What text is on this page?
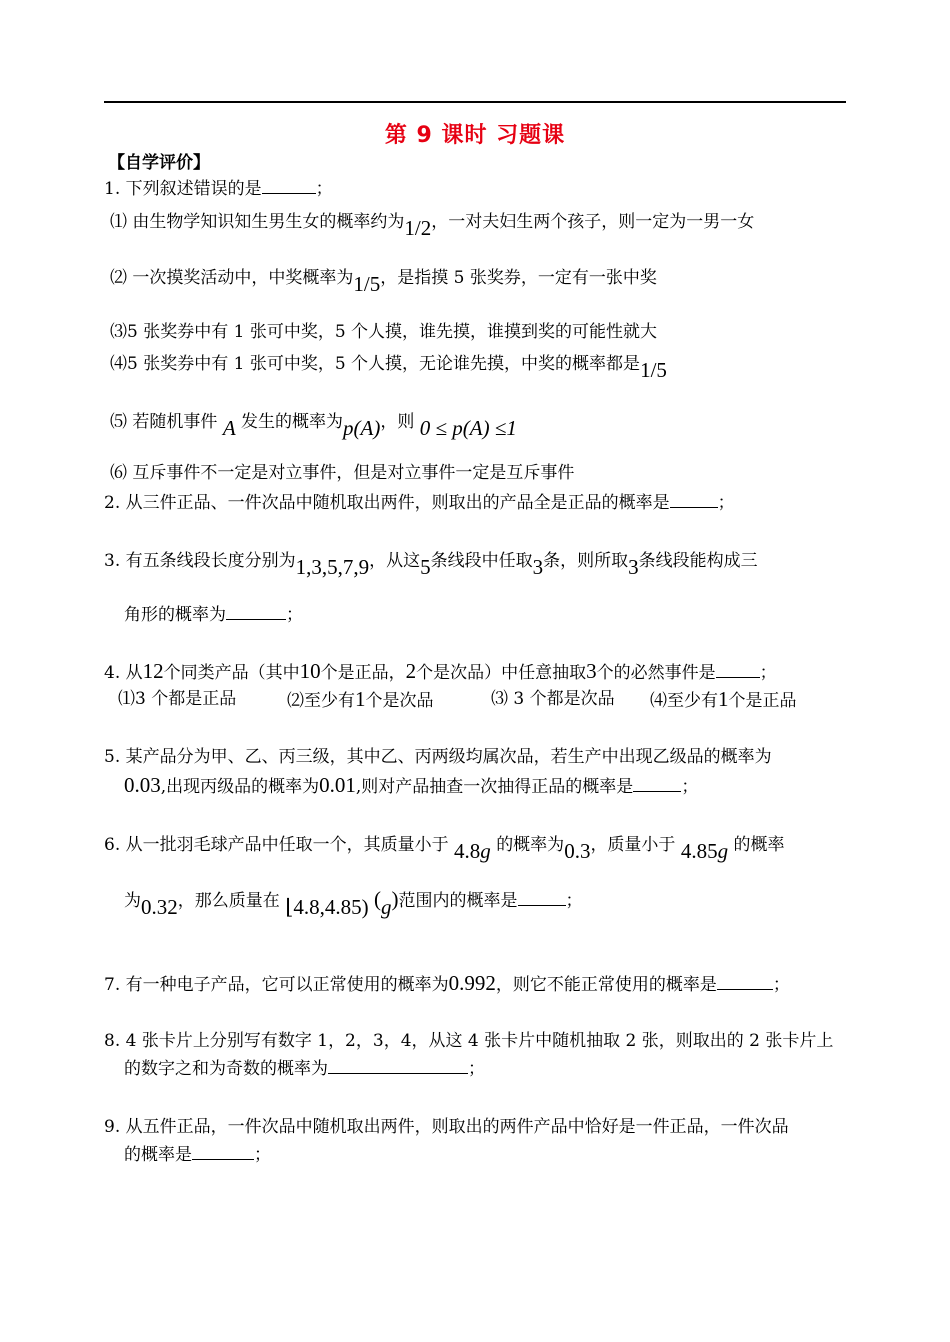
第 9 课时 习题课
【自学评价】
1. 下列叙述错误的是	；
⑴ 由生物学知识知生男生女的概率约为1/2，一对夫妇生两个孩子，则一定为一男一女
⑵ 一次摸奖活动中，中奖概率为1/5，是指摸 5 张奖券，一定有一张中奖
⑶5 张奖券中有 1 张可中奖，5 个人摸，谁先摸，谁摸到奖的可能性就大
⑷5 张奖券中有 1 张可中奖，5 个人摸，无论谁先摸，中奖的概率都是1/5
⑸ 若随机事件 A 发生的概率为p(A)，则 0 ≤ p(A) ≤1
⑹ 互斥事件不一定是对立事件，但是对立事件一定是互斥事件
2. 从三件正品、一件次品中随机取出两件，则取出的产品全是正品的概率是	；
3. 有五条线段长度分别为1,3,5,7,9，从这5条线段中任取3条，则所取3条线段能构成三
角形的概率为	；
4. 从12个同类产品（其中10个是正品，2个是次品）中任意抽取3个的必然事件是	；
⑴3 个都是正品	⑵至少有1个是次品	⑶ 3 个都是次品 ⑷至少有1个是正品
5. 某产品分为甲、乙、丙三级，其中乙、丙两级均属次品，若生产中出现乙级品的概率为
0.03,出现丙级品的概率为0.01,则对产品抽查一次抽得正品的概率是	；
6. 从一批羽毛球产品中任取一个，其质量小于 4.8g 的概率为0.3，质量小于 4.85g 的概率
为0.32，那么质量在 ⌊4.8,4.85) (g)范围内的概率是	；
7. 有一种电子产品，它可以正常使用的概率为0.992，则它不能正常使用的概率是	；
8. 4 张卡片上分别写有数字 1，2，3，4，从这 4 张卡片中随机抽取 2 张，则取出的 2 张卡片上
的数字之和为奇数的概率为	；
9. 从五件正品，一件次品中随机取出两件，则取出的两件产品中恰好是一件正品，一件次品
的概率是	；
